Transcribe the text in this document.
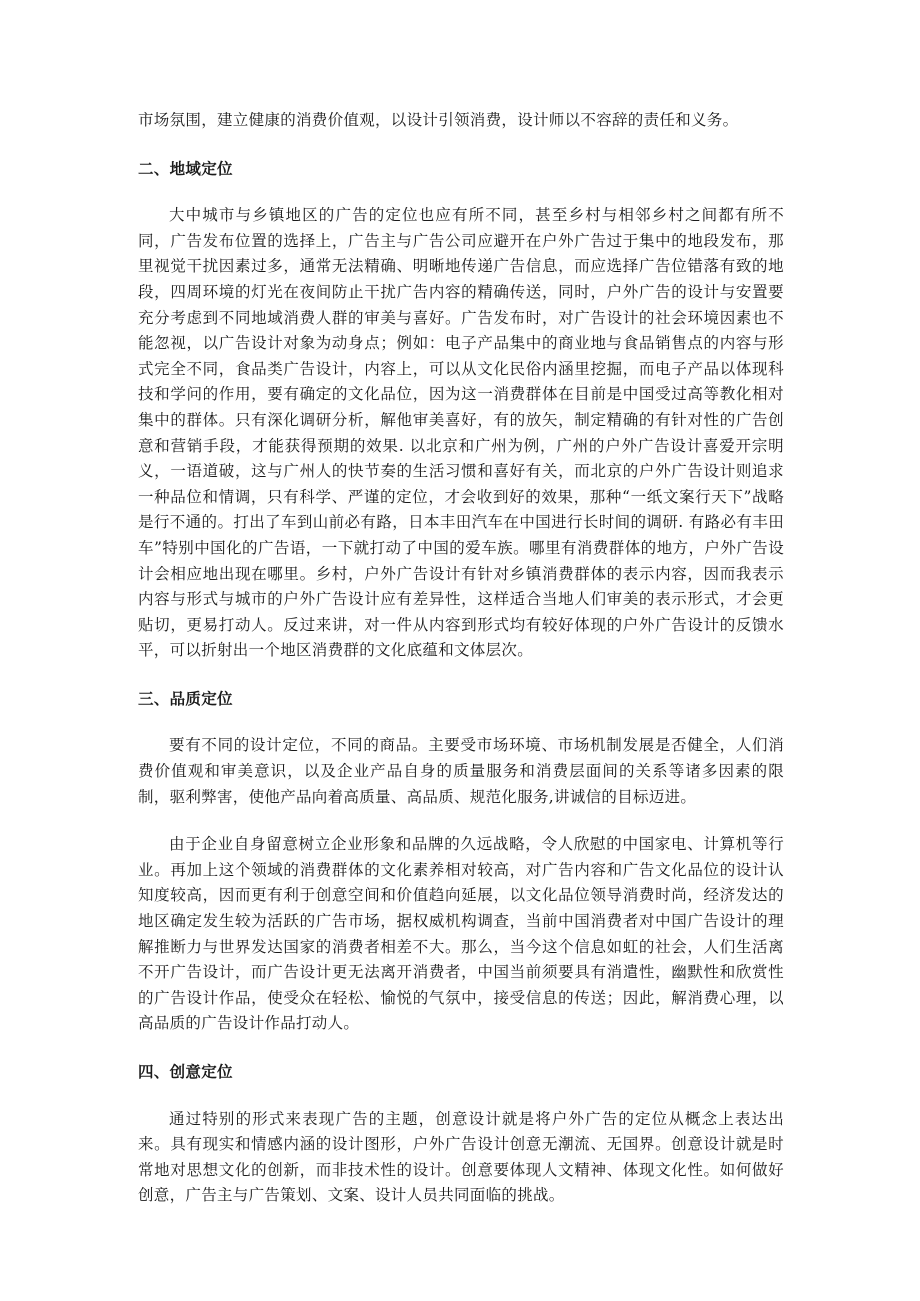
市场氛围，建立健康的消费价值观，以设计引领消费，设计师以不容辞的责任和义务。

二、地域定位

大中城市与乡镇地区的广告的定位也应有所不同，甚至乡村与相邻乡村之间都有所不同，广告发布位置的选择上，广告主与广告公司应避开在户外广告过于集中的地段发布，那里视觉干扰因素过多，通常无法精确、明晰地传递广告信息，而应选择广告位错落有致的地段，四周环境的灯光在夜间防止干扰广告内容的精确传送，同时，户外广告的设计与安置要充分考虑到不同地域消费人群的审美与喜好。广告发布时，对广告设计的社会环境因素也不能忽视，以广告设计对象为动身点；例如：电子产品集中的商业地与食品销售点的内容与形式完全不同，食品类广告设计，内容上，可以从文化民俗内涵里挖掘，而电子产品以体现科技和学问的作用，要有确定的文化品位，因为这一消费群体在目前是中国受过高等教化相对集中的群体。只有深化调研分析，解他审美喜好，有的放矢，制定精确的有针对性的广告创意和营销手段，才能获得预期的效果. 以北京和广州为例，广州的户外广告设计喜爱开宗明义，一语道破，这与广州人的快节奏的生活习惯和喜好有关，而北京的户外广告设计则追求一种品位和情调，只有科学、严谨的定位，才会收到好的效果，那种“一纸文案行天下”战略是行不通的。打出了车到山前必有路，日本丰田汽车在中国进行长时间的调研. 有路必有丰田车”特别中国化的广告语，一下就打动了中国的爱车族。哪里有消费群体的地方，户外广告设计会相应地出现在哪里。乡村，户外广告设计有针对乡镇消费群体的表示内容，因而我表示内容与形式与城市的户外广告设计应有差异性，这样适合当地人们审美的表示形式，才会更贴切，更易打动人。反过来讲，对一件从内容到形式均有较好体现的户外广告设计的反馈水平，可以折射出一个地区消费群的文化底蕴和文体层次。

三、品质定位

要有不同的设计定位，不同的商品。主要受市场环境、市场机制发展是否健全，人们消费价值观和审美意识，以及企业产品自身的质量服务和消费层面间的关系等诸多因素的限制，驱利弊害，使他产品向着高质量、高品质、规范化服务,讲诚信的目标迈进。

由于企业自身留意树立企业形象和品牌的久远战略，令人欣慰的中国家电、计算机等行业。再加上这个领域的消费群体的文化素养相对较高，对广告内容和广告文化品位的设计认知度较高，因而更有利于创意空间和价值趋向延展，以文化品位领导消费时尚，经济发达的地区确定发生较为活跃的广告市场，据权威机构调查，当前中国消费者对中国广告设计的理解推断力与世界发达国家的消费者相差不大。那么，当今这个信息如虹的社会，人们生活离不开广告设计，而广告设计更无法离开消费者，中国当前须要具有消遣性，幽默性和欣赏性的广告设计作品，使受众在轻松、愉悦的气氛中，接受信息的传送；因此，解消费心理，以高品质的广告设计作品打动人。

四、创意定位

通过特别的形式来表现广告的主题，创意设计就是将户外广告的定位从概念上表达出来。具有现实和情感内涵的设计图形，户外广告设计创意无潮流、无国界。创意设计就是时常地对思想文化的创新，而非技术性的设计。创意要体现人文精神、体现文化性。如何做好创意，广告主与广告策划、文案、设计人员共同面临的挑战。
